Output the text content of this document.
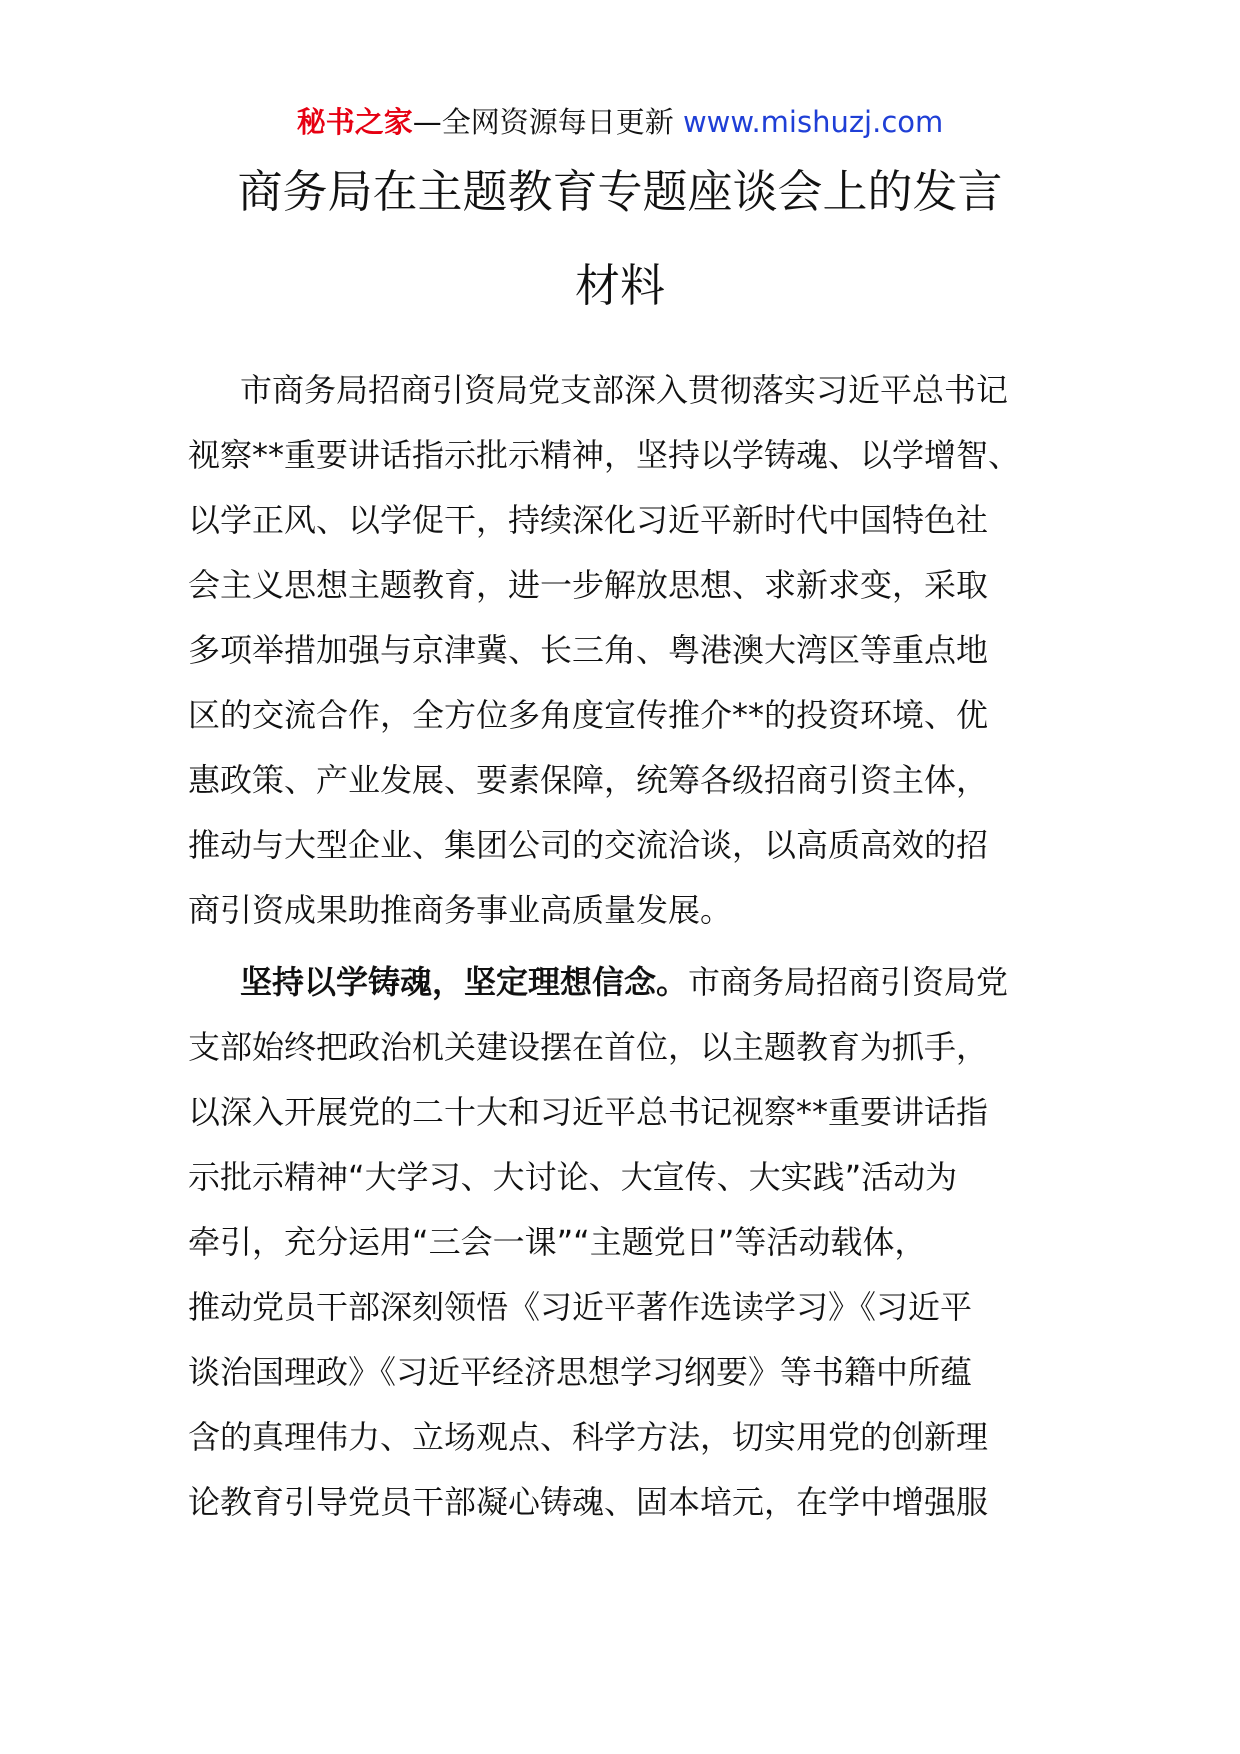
秘书之家—全网资源每日更新 www.mishuzj.com
商务局在主题教育专题座谈会上的发言
材料
市商务局招商引资局党支部深入贯彻落实习近平总书记
视察**重要讲话指示批示精神，坚持以学铸魂、以学增智、
以学正风、以学促干，持续深化习近平新时代中国特色社
会主义思想主题教育，进一步解放思想、求新求变，采取
多项举措加强与京津冀、长三角、粤港澳大湾区等重点地
区的交流合作，全方位多角度宣传推介**的投资环境、优
惠政策、产业发展、要素保障，统筹各级招商引资主体，
推动与大型企业、集团公司的交流洽谈，以高质高效的招
商引资成果助推商务事业高质量发展。
坚持以学铸魂，坚定理想信念。市商务局招商引资局党
支部始终把政治机关建设摆在首位，以主题教育为抓手，
以深入开展党的二十大和习近平总书记视察**重要讲话指
示批示精神“大学习、大讨论、大宣传、大实践”活动为
牵引，充分运用“三会一课”“主题党日”等活动载体，
推动党员干部深刻领悟《习近平著作选读学习》《习近平
谈治国理政》《习近平经济思想学习纲要》等书籍中所蕴
含的真理伟力、立场观点、科学方法，切实用党的创新理
论教育引导党员干部凝心铸魂、固本培元，在学中增强服
